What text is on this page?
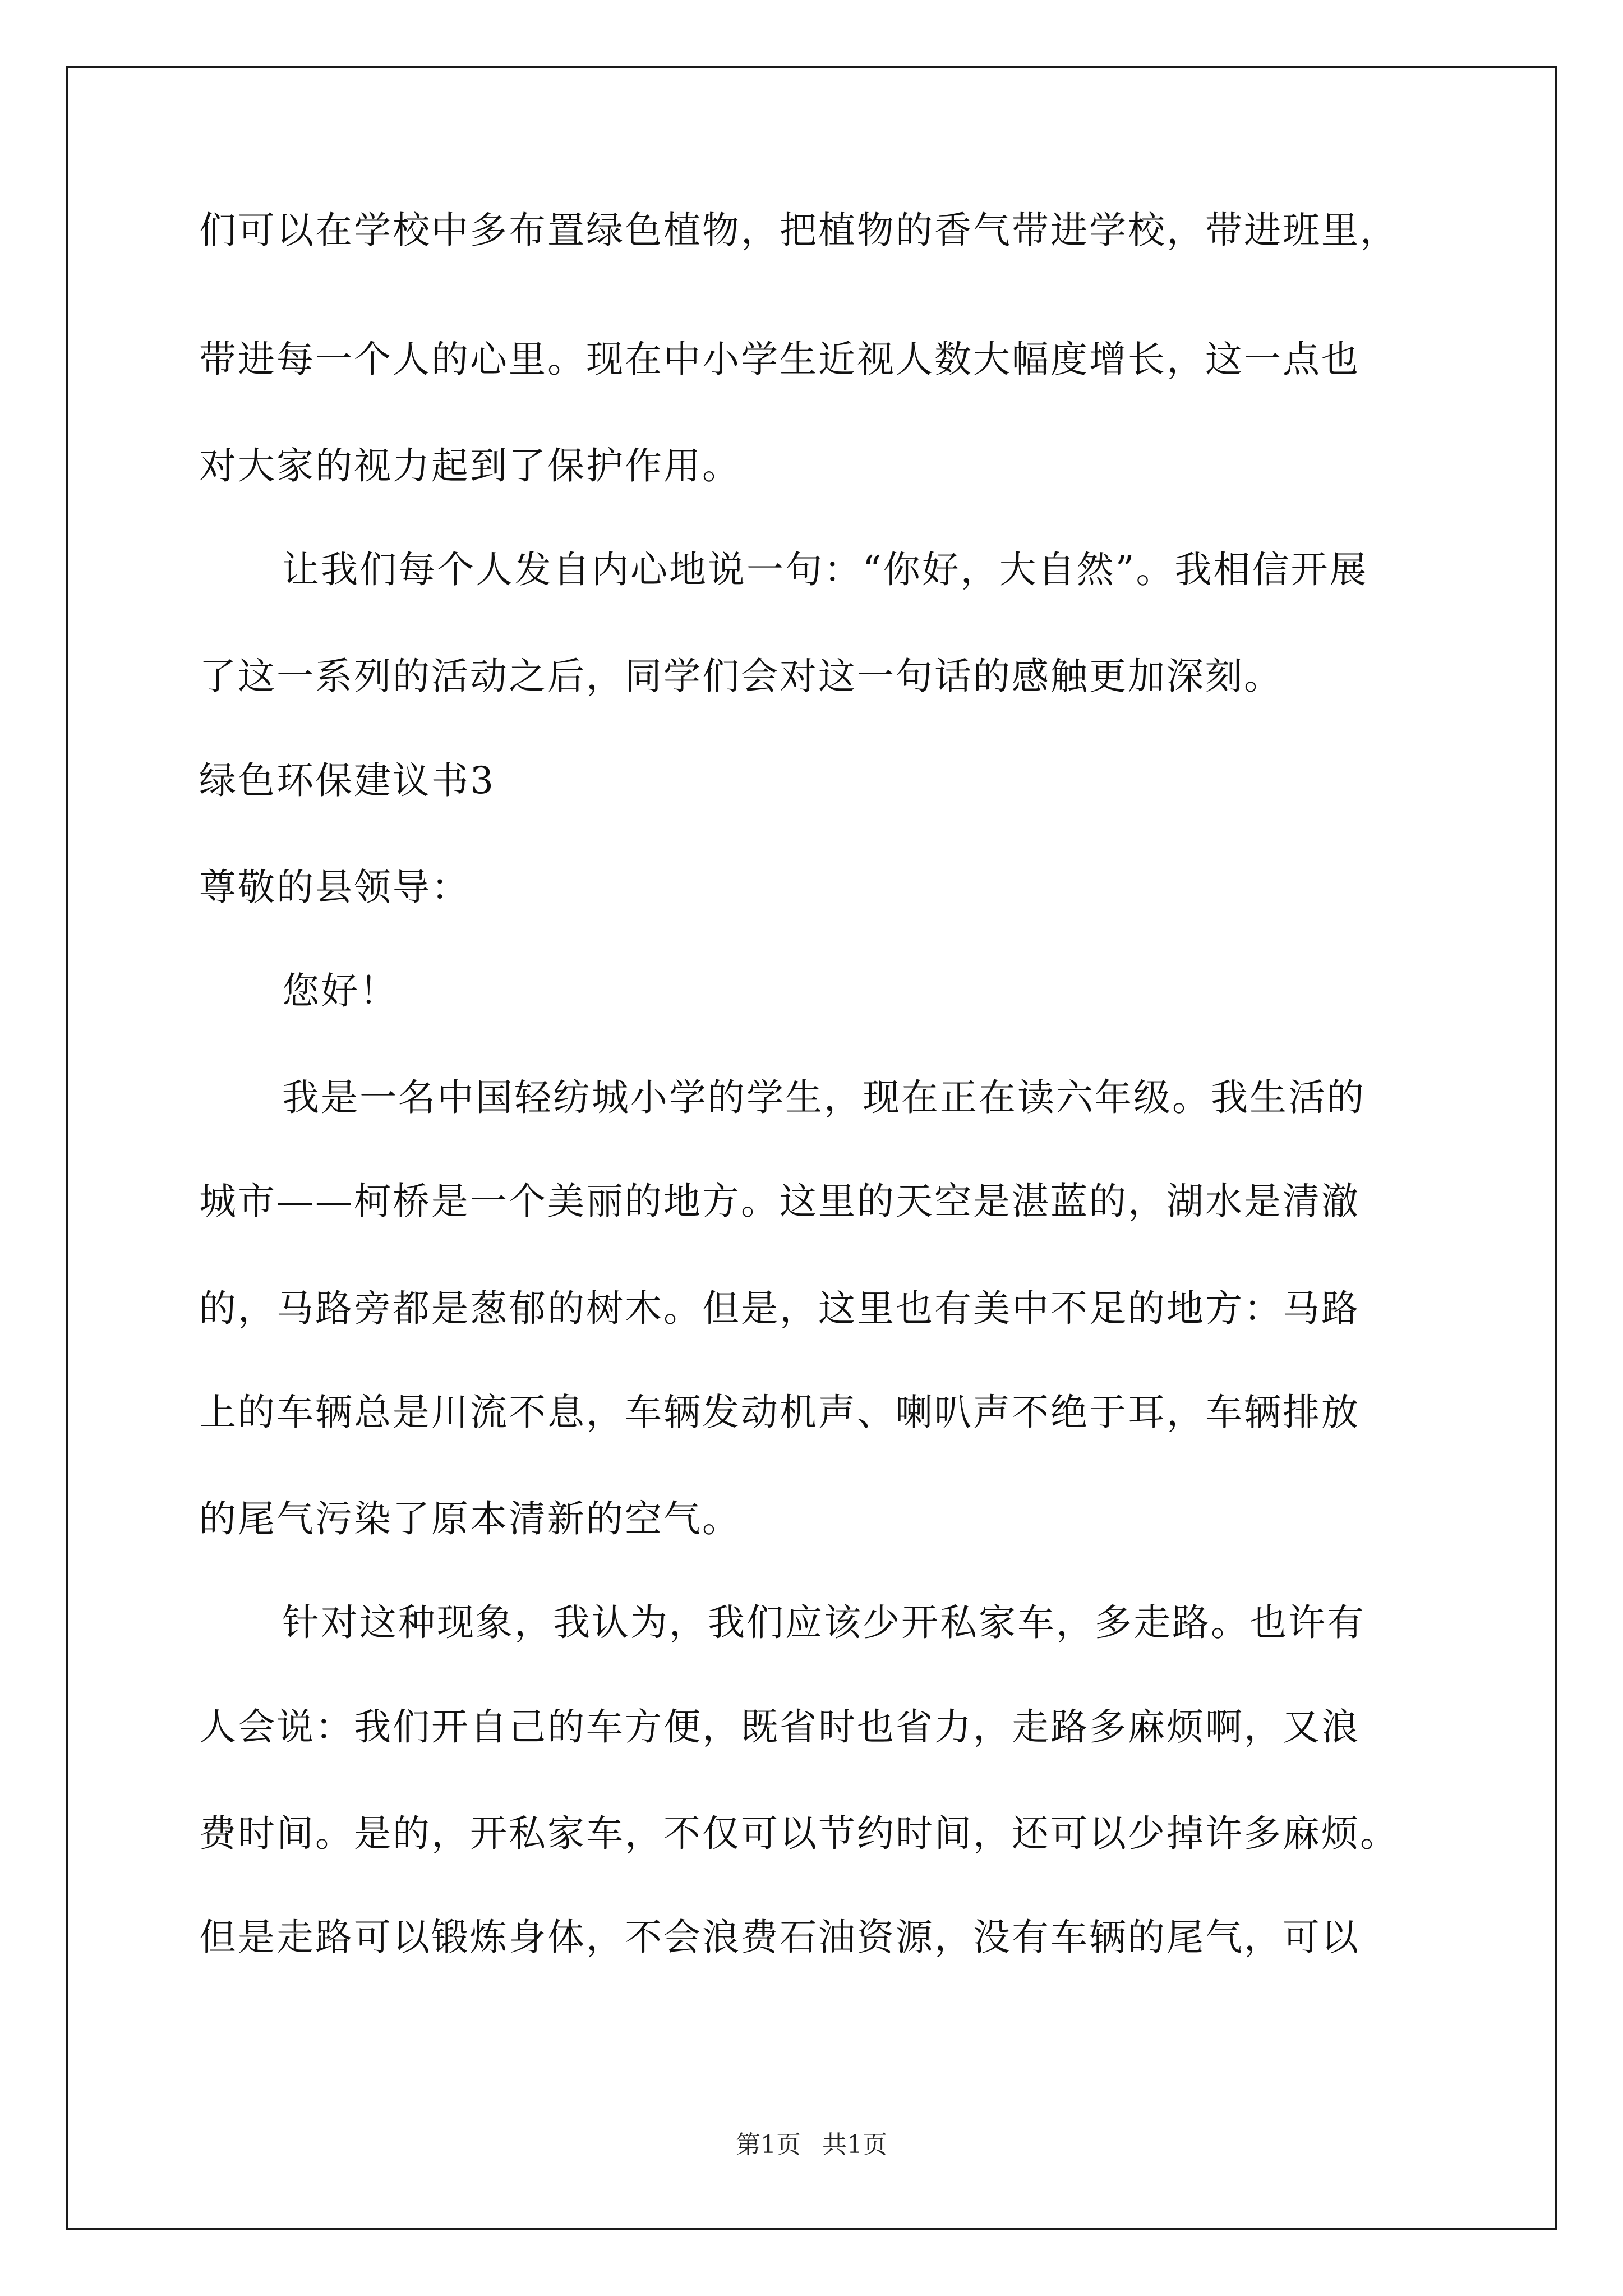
们可以在学校中多布置绿色植物，把植物的香气带进学校，带进班里，
带进每一个人的心里。现在中小学生近视人数大幅度增长，这一点也
对大家的视力起到了保护作用。
让我们每个人发自内心地说一句：“你好，大自然”。我相信开展
了这一系列的活动之后，同学们会对这一句话的感触更加深刻。
绿色环保建议书3
尊敬的县领导：
您好！
我是一名中国轻纺城小学的学生，现在正在读六年级。我生活的
城市——柯桥是一个美丽的地方。这里的天空是湛蓝的，湖水是清澈
的，马路旁都是葱郁的树木。但是，这里也有美中不足的地方：马路
上的车辆总是川流不息，车辆发动机声、喇叭声不绝于耳，车辆排放
的尾气污染了原本清新的空气。
针对这种现象，我认为，我们应该少开私家车，多走路。也许有
人会说：我们开自己的车方便，既省时也省力，走路多麻烦啊，又浪
费时间。是的，开私家车，不仅可以节约时间，还可以少掉许多麻烦。
但是走路可以锻炼身体，不会浪费石油资源，没有车辆的尾气，可以
第1页 共1页
